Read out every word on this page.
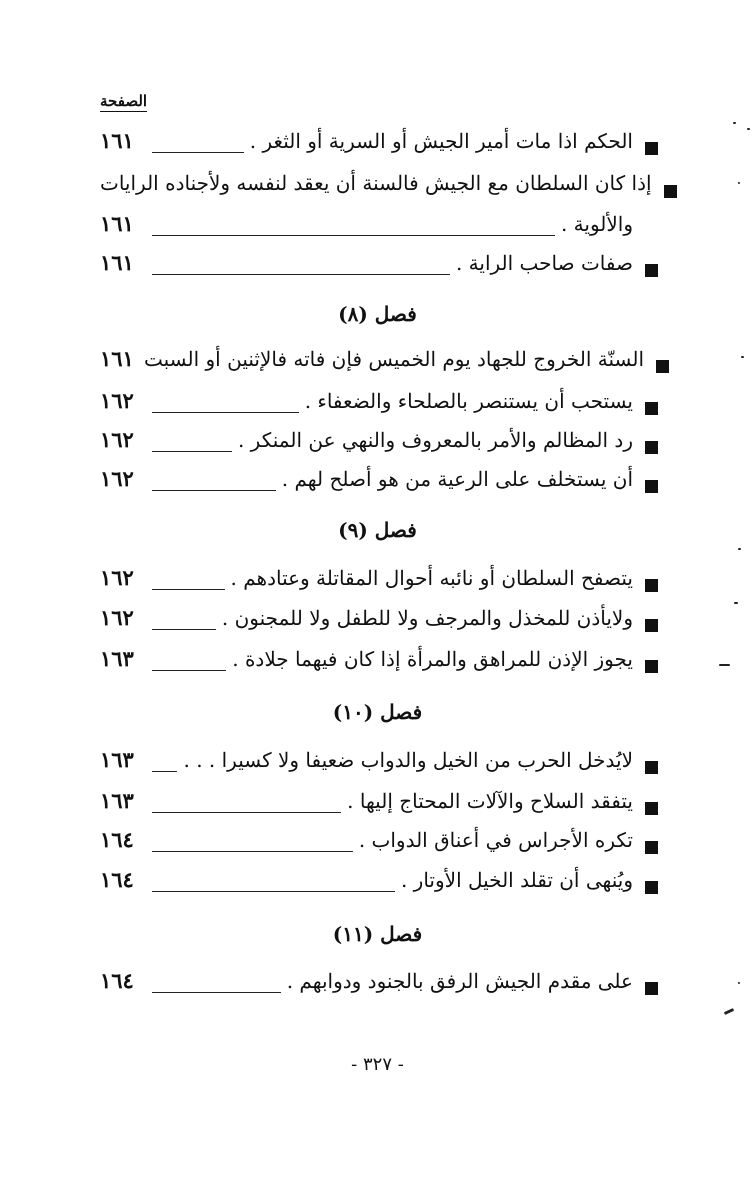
الصفحة
١٦١	الحكم اذا مات أمير الجيش أو السرية أو الثغر .
إذا كان السلطان مع الجيش فالسنة أن يعقد لنفسه ولأجناده الرايات
١٦١	والألوية .
١٦١	صفات صاحب الراية .
فصل (٨)
١٦١ السنّة الخروج للجهاد يوم الخميس فإن فاته فالإثنين أو السبت
١٦٢	يستحب أن يستنصر بالصلحاء والضعفاء .
١٦٢	رد المظالم والأمر بالمعروف والنهي عن المنكر .
١٦٢	أن يستخلف على الرعية من هو أصلح لهم .
فصل (٩)
١٦٢	يتصفح السلطان أو نائبه أحوال المقاتلة وعتادهم .
١٦٢	ولايأذن للمخذل والمرجف ولا للطفل ولا للمجنون .
١٦٣	يجوز الإذن للمراهق والمرأة إذا كان فيهما جلادة .
فصل (١٠)
١٦٣	لايُدخل الحرب من الخيل والدواب ضعيفا ولا كسيرا . . .
١٦٣	يتفقد السلاح والآلات المحتاج إليها .
١٦٤	تكره الأجراس في أعناق الدواب .
١٦٤	ويُنهى أن تقلد الخيل الأوتار .
فصل (١١)
١٦٤	على مقدم الجيش الرفق بالجنود ودوابهم .
- ٣٢٧ -
